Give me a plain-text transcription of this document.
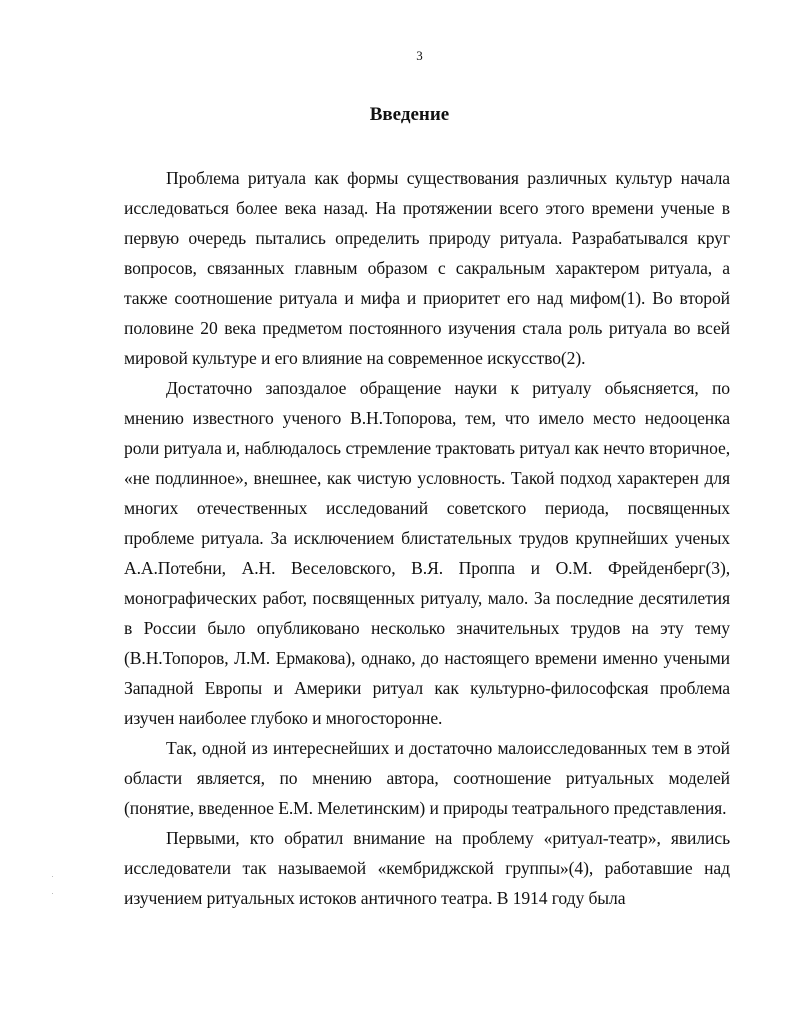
3
Введение

Проблема ритуала как формы существования различных культур начала исследоваться более века назад. На протяжении всего этого времени ученые в первую очередь пытались определить природу ритуала. Разрабатывался круг вопросов, связанных главным образом с сакральным характером ритуала, а также соотношение ритуала и мифа и приоритет его над мифом(1). Во второй половине 20 века предметом постоянного изучения стала роль ритуала во всей мировой культуре и его влияние на современное искусство(2).

Достаточно запоздалое обращение науки к ритуалу обьясняется, по мнению известного ученого В.Н.Топорова, тем, что имело место недооценка роли ритуала и, наблюдалось стремление трактовать ритуал как нечто вторичное, «не подлинное», внешнее, как чистую условность. Такой подход характерен для многих отечественных исследований советского периода, посвященных проблеме ритуала. За исключением блистательных трудов крупнейших ученых А.А.Потебни, А.Н. Веселовского, В.Я. Проппа и О.М. Фрейденберг(3), монографических работ, посвященных ритуалу, мало. За последние десятилетия в России было опубликовано несколько значительных трудов на эту тему (В.Н.Топоров, Л.М. Ермакова), однако, до настоящего времени именно учеными Западной Европы и Америки ритуал как культурно-философская проблема изучен наиболее глубоко и многосторонне.

Так, одной из интереснейших и достаточно малоисследованных тем в этой области является, по мнению автора, соотношение ритуальных моделей (понятие, введенное Е.М. Мелетинским) и природы театрального представления.

Первыми, кто обратил внимание на проблему «ритуал-театр», явились исследователи так называемой «кембриджской группы»(4), работавшие над изучением ритуальных истоков античного театра. В 1914 году была
